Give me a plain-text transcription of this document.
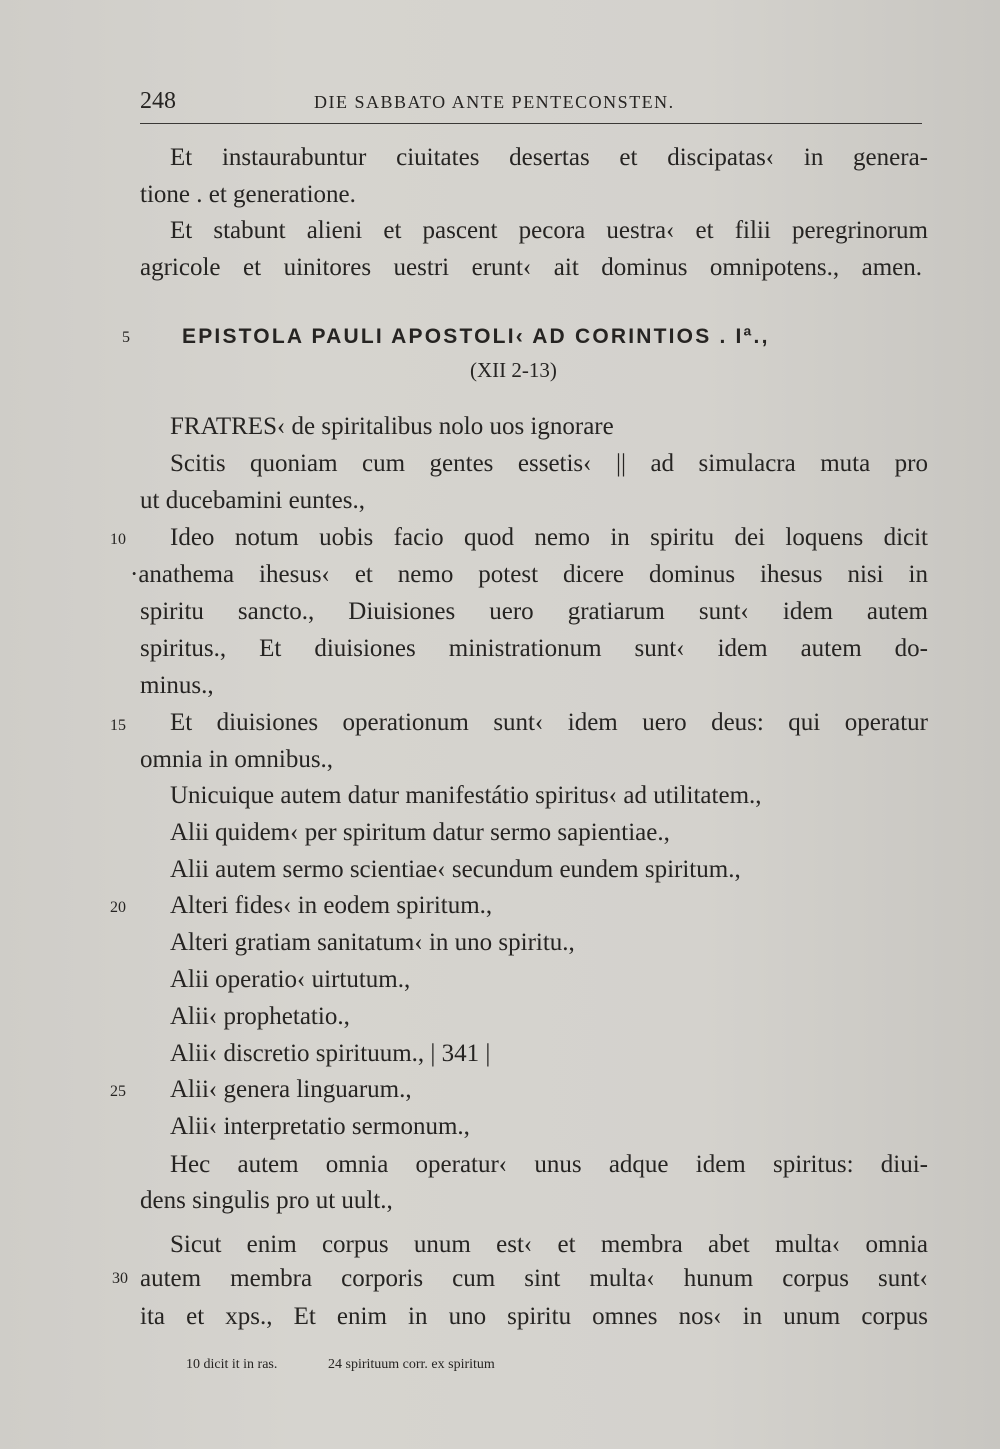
248	DIE SABBATO ANTE PENTECONSTEN.
Et instaurabuntur ciuitates desertas et discipatas‹ in genera-
tione . et generatione.
Et stabunt alieni et pascent pecora uestra‹ et filii peregrinorum
agricole et uinitores uestri erunt‹ ait dominus omnipotens., amen.
5 EPISTOLA PAULI APOSTOLI‹ AD CORINTIOS . Iª.,
(XII 2-13)
FRATRES‹ de spiritalibus nolo uos ignorare
Scitis quoniam cum gentes essetis‹ || ad simulacra muta pro
ut ducebamini euntes.,
10 Ideo notum uobis facio quod nemo in spiritu dei loquens dicit
·anathema ihesus‹ et nemo potest dicere dominus ihesus nisi in
spiritu sancto., Diuisiones uero gratiarum sunt‹ idem autem
spiritus., Et diuisiones ministrationum sunt‹ idem autem do-
minus.,
15 Et diuisiones operationum sunt‹ idem uero deus: qui operatur
omnia in omnibus.,
Unicuique autem datur manifestátio spiritus‹ ad utilitatem.,
Alii quidem‹ per spiritum datur sermo sapientiae.,
Alii autem sermo scientiae‹ secundum eundem spiritum.,
20 Alteri fides‹ in eodem spiritum.,
Alteri gratiam sanitatum‹ in uno spiritu.,
Alii operatio‹ uirtutum.,
Alii‹ prophetatio.,
Alii‹ discretio spirituum., | 341 |
25 Alii‹ genera linguarum.,
Alii‹ interpretatio sermonum.,
Hec autem omnia operatur‹ unus adque idem spiritus: diui-
dens singulis pro ut uult.,
Sicut enim corpus unum est‹ et membra abet multa‹ omnia
30 autem membra corporis cum sint multa‹ hunum corpus sunt‹
ita et xps., Et enim in uno spiritu omnes nos‹ in unum corpus
10 dicit it in ras.	24 spirituum corr. ex spiritum
